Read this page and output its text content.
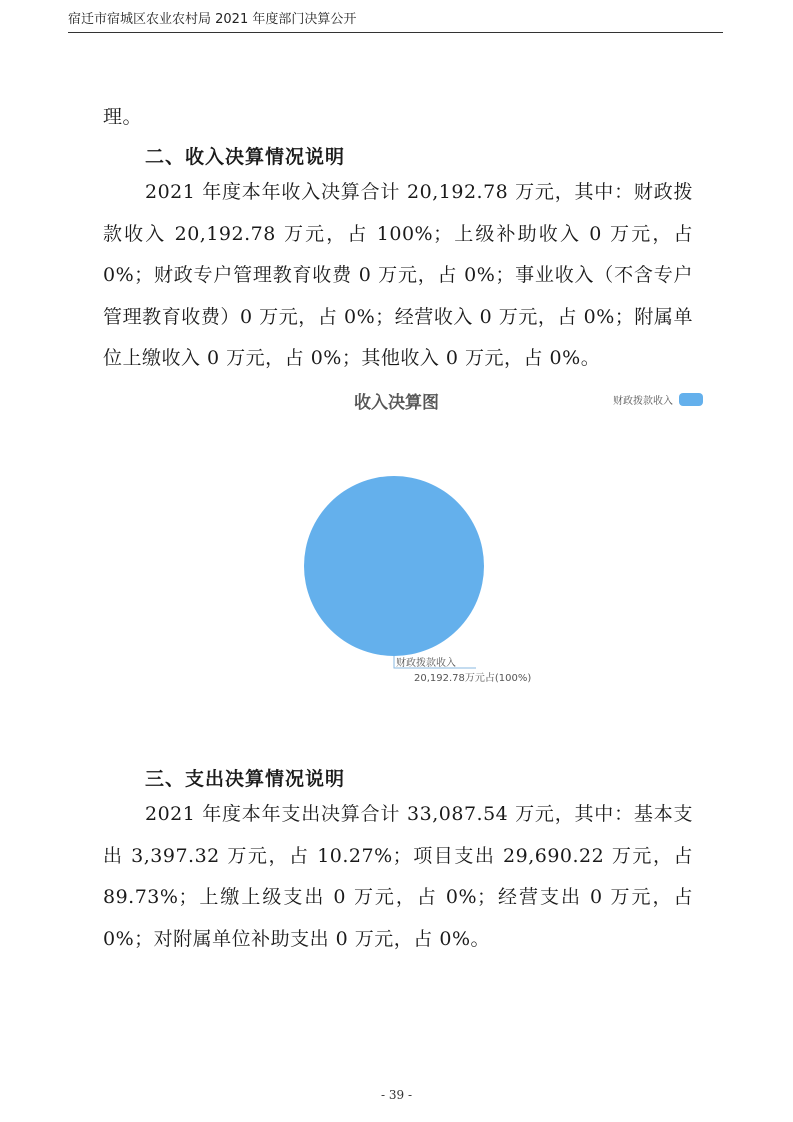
宿迁市宿城区农业农村局 2021 年度部门决算公开

理。

二、收入决算情况说明

2021 年度本年收入决算合计 20,192.78 万元，其中：财政拨款收入 20,192.78 万元，占 100%；上级补助收入 0 万元，占 0%；财政专户管理教育收费 0 万元，占 0%；事业收入（不含专户管理教育收费）0 万元，占 0%；经营收入 0 万元，占 0%；附属单位上缴收入 0 万元，占 0%；其他收入 0 万元，占 0%。

收入决算图	财政拨款收入
财政拨款收入
20,192.78万元占(100%)
三、支出决算情况说明

2021 年度本年支出决算合计 33,087.54 万元，其中：基本支出 3,397.32 万元，占 10.27%；项目支出 29,690.22 万元，占 89.73%；上缴上级支出 0 万元，占 0%；经营支出 0 万元，占 0%；对附属单位补助支出 0 万元，占 0%。

- 39 -
